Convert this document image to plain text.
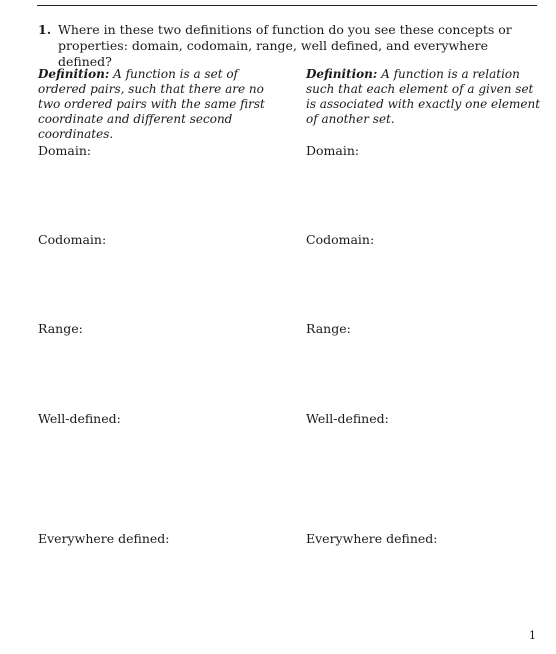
1. Where in these two definitions of function do you see these concepts or properties: domain, codomain, range, well defined, and everywhere defined?

Definition: A function is a set of ordered pairs, such that there are no two ordered pairs with the same first coordinate and different second coordinates.

Definition: A function is a relation such that each element of a given set is associated with exactly one element of another set.

Domain:
Codomain:
Range:
Well-defined:
Everywhere defined:
Domain:
Codomain:
Range:
Well-defined:
Everywhere defined:
1
